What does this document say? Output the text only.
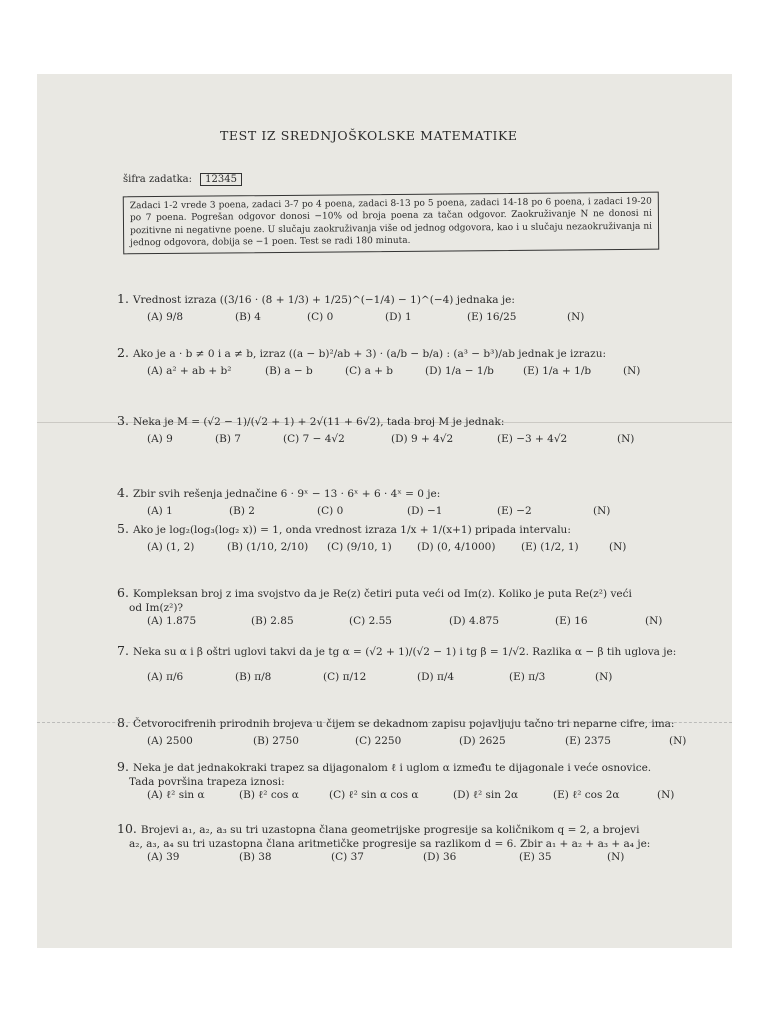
TEST IZ SREDNJOŠKOLSKE MATEMATIKE
šifra zadatka: 12345
Zadaci 1-2 vrede 3 poena, zadaci 3-7 po 4 poena, zadaci 8-13 po 5 poena, zadaci 14-18 po 6 poena, i zadaci 19-20 po 7 poena. Pogrešan odgovor donosi −10% od broja poena za tačan odgovor. Zaokruživanje N ne donosi ni pozitivne ni negativne poene. U slučaju zaokruživanja više od jednog odgovora, kao i u slučaju nezaokruživanja ni jednog odgovora, dobija se −1 poen. Test se radi 180 minuta.
1. Vrednost izraza ((3/16 · (8 + 1/3) + 1/25)^(−1/4) − 1)^(−4) jednaka je:
(A) 9/8	(B) 4	(C) 0	(D) 1	(E) 16/25	(N)
2. Ako je a · b ≠ 0 i a ≠ b, izraz ((a − b)²/ab + 3) · (a/b − b/a) : (a³ − b³)/ab jednak je izrazu:
(A) a² + ab + b²	(B) a − b	(C) a + b	(D) 1/a − 1/b	(E) 1/a + 1/b	(N)
3. Neka je M = (√2 − 1)/(√2 + 1) + 2√(11 + 6√2), tada broj M je jednak:
(A) 9	(B) 7	(C) 7 − 4√2	(D) 9 + 4√2	(E) −3 + 4√2	(N)
4. Zbir svih rešenja jednačine 6 · 9ˣ − 13 · 6ˣ + 6 · 4ˣ = 0 je:
(A) 1	(B) 2	(C) 0	(D) −1	(E) −2	(N)
5. Ako je log₂(log₃(log₂ x)) = 1, onda vrednost izraza 1/x + 1/(x+1) pripada intervalu:
(A) (1, 2)	(B) (1/10, 2/10)	(C) (9/10, 1)	(D) (0, 4/1000)	(E) (1/2, 1)	(N)
6. Kompleksan broj z ima svojstvo da je Re(z) četiri puta veći od Im(z). Koliko je puta Re(z²) veći
od Im(z²)?
(A) 1.875	(B) 2.85	(C) 2.55	(D) 4.875	(E) 16	(N)
7. Neka su α i β oštri uglovi takvi da je tg α = (√2 + 1)/(√2 − 1) i tg β = 1/√2. Razlika α − β tih uglova je:
(A) π/6	(B) π/8	(C) π/12	(D) π/4	(E) π/3	(N)
8. Četvorocifrenih prirodnih brojeva u čijem se dekadnom zapisu pojavljuju tačno tri neparne cifre, ima:
(A) 2500	(B) 2750	(C) 2250	(D) 2625	(E) 2375	(N)
9. Neka je dat jednakokraki trapez sa dijagonalom ℓ i uglom α između te dijagonale i veće osnovice.
Tada površina trapeza iznosi:
(A) ℓ² sin α	(B) ℓ² cos α	(C) ℓ² sin α cos α	(D) ℓ² sin 2α	(E) ℓ² cos 2α	(N)
10. Brojevi a₁, a₂, a₃ su tri uzastopna člana geometrijske progresije sa količnikom q = 2, a brojevi
a₂, a₃, a₄ su tri uzastopna člana aritmetičke progresije sa razlikom d = 6. Zbir a₁ + a₂ + a₃ + a₄ je:
(A) 39	(B) 38	(C) 37	(D) 36	(E) 35	(N)
